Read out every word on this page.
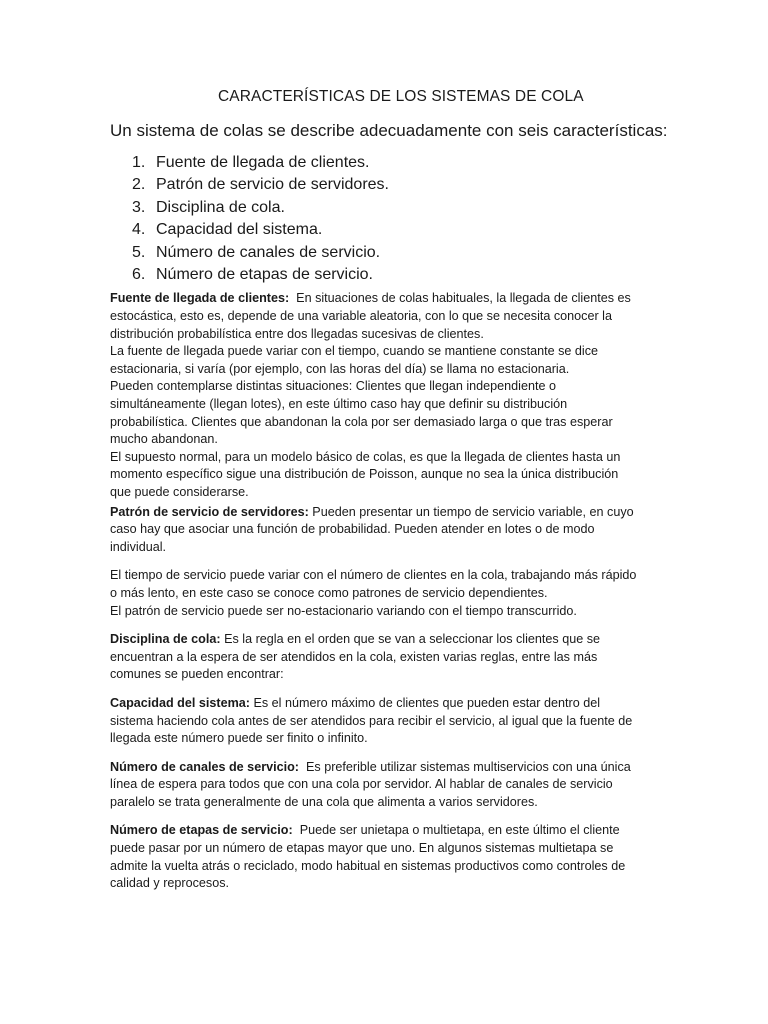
CARACTERÍSTICAS DE LOS SISTEMAS DE COLA

Un sistema de colas se describe adecuadamente con seis características:

1. Fuente de llegada de clientes.
2. Patrón de servicio de servidores.
3. Disciplina de cola.
4. Capacidad del sistema.
5. Número de canales de servicio.
6. Número de etapas de servicio.

Fuente de llegada de clientes: En situaciones de colas habituales, la llegada de clientes es estocástica, esto es, depende de una variable aleatoria, con lo que se necesita conocer la distribución probabilística entre dos llegadas sucesivas de clientes.

La fuente de llegada puede variar con el tiempo, cuando se mantiene constante se dice estacionaria, si varía (por ejemplo, con las horas del día) se llama no estacionaria.

Pueden contemplarse distintas situaciones: Clientes que llegan independiente o simultáneamente (llegan lotes), en este último caso hay que definir su distribución probabilística. Clientes que abandonan la cola por ser demasiado larga o que tras esperar mucho abandonan.

El supuesto normal, para un modelo básico de colas, es que la llegada de clientes hasta un momento específico sigue una distribución de Poisson, aunque no sea la única distribución que puede considerarse.

Patrón de servicio de servidores: Pueden presentar un tiempo de servicio variable, en cuyo caso hay que asociar una función de probabilidad. Pueden atender en lotes o de modo individual.

El tiempo de servicio puede variar con el número de clientes en la cola, trabajando más rápido o más lento, en este caso se conoce como patrones de servicio dependientes.

El patrón de servicio puede ser no-estacionario variando con el tiempo transcurrido.

Disciplina de cola: Es la regla en el orden que se van a seleccionar los clientes que se encuentran a la espera de ser atendidos en la cola, existen varias reglas, entre las más comunes se pueden encontrar:

Capacidad del sistema: Es el número máximo de clientes que pueden estar dentro del sistema haciendo cola antes de ser atendidos para recibir el servicio, al igual que la fuente de llegada este número puede ser finito o infinito.

Número de canales de servicio: Es preferible utilizar sistemas multiservicios con una única línea de espera para todos que con una cola por servidor. Al hablar de canales de servicio paralelo se trata generalmente de una cola que alimenta a varios servidores.

Número de etapas de servicio: Puede ser unietapa o multietapa, en este último el cliente puede pasar por un número de etapas mayor que uno. En algunos sistemas multietapa se admite la vuelta atrás o reciclado, modo habitual en sistemas productivos como controles de calidad y reprocesos.
